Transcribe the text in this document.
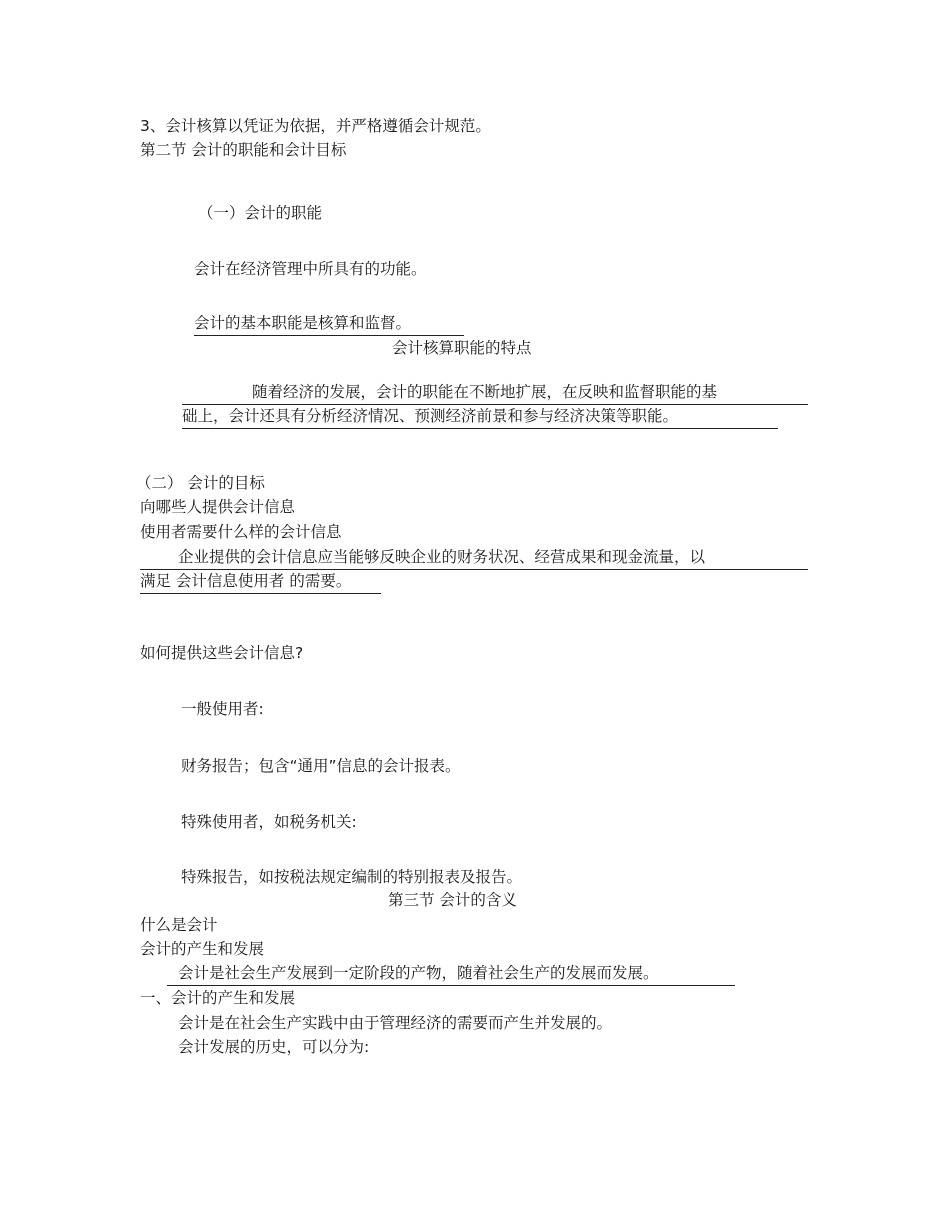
3、会计核算以凭证为依据，并严格遵循会计规范。
第二节 会计的职能和会计目标
（一）会计的职能
会计在经济管理中所具有的功能。
会计的基本职能是核算和监督。
会计核算职能的特点
随着经济的发展，会计的职能在不断地扩展，在反映和监督职能的基
础上，会计还具有分析经济情况、预测经济前景和参与经济决策等职能。
（二） 会计的目标
向哪些人提供会计信息
使用者需要什么样的会计信息
企业提供的会计信息应当能够反映企业的财务状况、经营成果和现金流量，以
满足 会计信息使用者 的需要。
如何提供这些会计信息?
一般使用者:
财务报告；包含“通用”信息的会计报表。
特殊使用者，如税务机关:
特殊报告，如按税法规定编制的特别报表及报告。
第三节 会计的含义
什么是会计
会计的产生和发展
会计是社会生产发展到一定阶段的产物，随着社会生产的发展而发展。
一、会计的产生和发展
会计是在社会生产实践中由于管理经济的需要而产生并发展的。
会计发展的历史，可以分为:
